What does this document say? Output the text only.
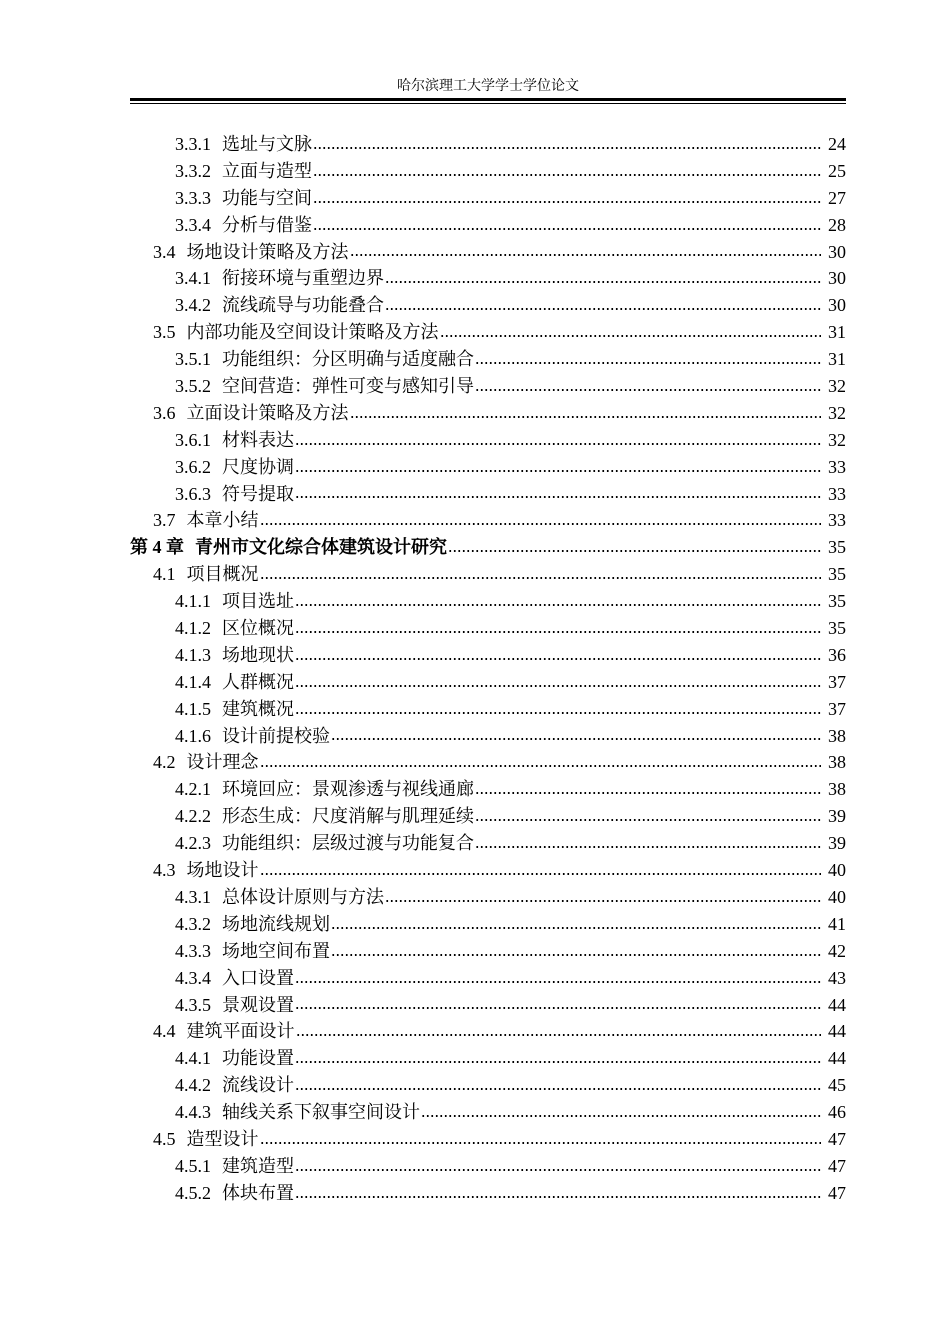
哈尔滨理工大学学士学位论文
3.3.1 选址与文脉	24
3.3.2 立面与造型	25
3.3.3 功能与空间	27
3.3.4 分析与借鉴	28
3.4 场地设计策略及方法	30
3.4.1 衔接环境与重塑边界	30
3.4.2 流线疏导与功能叠合	30
3.5 内部功能及空间设计策略及方法	31
3.5.1 功能组织：分区明确与适度融合	31
3.5.2 空间营造：弹性可变与感知引导	32
3.6 立面设计策略及方法	32
3.6.1 材料表达	32
3.6.2 尺度协调	33
3.6.3 符号提取	33
3.7 本章小结	33
第 4 章 青州市文化综合体建筑设计研究	35
4.1 项目概况	35
4.1.1 项目选址	35
4.1.2 区位概况	35
4.1.3 场地现状	36
4.1.4 人群概况	37
4.1.5 建筑概况	37
4.1.6 设计前提校验	38
4.2 设计理念	38
4.2.1 环境回应：景观渗透与视线通廊	38
4.2.2 形态生成：尺度消解与肌理延续	39
4.2.3 功能组织：层级过渡与功能复合	39
4.3 场地设计	40
4.3.1 总体设计原则与方法	40
4.3.2 场地流线规划	41
4.3.3 场地空间布置	42
4.3.4 入口设置	43
4.3.5 景观设置	44
4.4 建筑平面设计	44
4.4.1 功能设置	44
4.4.2 流线设计	45
4.4.3 轴线关系下叙事空间设计	46
4.5 造型设计	47
4.5.1 建筑造型	47
4.5.2 体块布置	47
